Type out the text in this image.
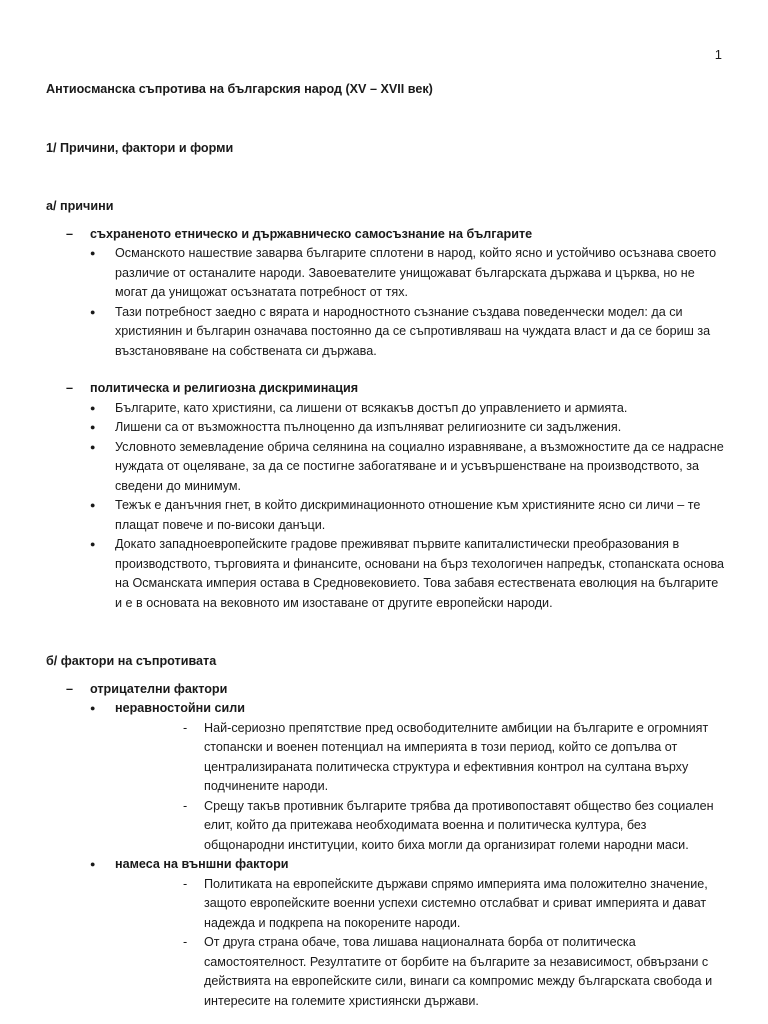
1

Антиосманска съпротива на българския народ (XV – XVII век)

1/ Причини, фактори и форми

а/ причини

– съхраненото етническо и държавническо самосъзнание на българите
● Османското нашествие заварва българите сплотени в народ, който ясно и устойчиво осъзнава своето различие от останалите народи. Завоевателите унищожават българската държава и църква, но не могат да унищожат осъзнатата потребност от тях.
● Тази потребност заедно с вярата и народностното съзнание създава поведенчески модел: да си християнин и българин означава постоянно да се съпротивляваш на чуждата власт и да се бориш за възстановяване на собствената си държава.
– политическа и религиозна дискриминация
● Българите, като християни, са лишени от всякакъв достъп до управлението и армията.
● Лишени са от възможността пълноценно да изпълняват религиозните си задължения.
● Условното земевладение обрича селянина на социално изравняване, а възможностите да се надрасне нуждата от оцеляване, за да се постигне забогатяване и и усъвършенстване на производството, за сведени до минимум.
● Тежък е данъчния гнет, в който дискриминационното отношение към християните ясно си личи – те плащат повече и по-високи данъци.
● Докато западноевропейските градове преживяват първите капиталистически преобразования в производството, търговията и финансите, основани на бърз техологичен напредък, стопанската основа на Османската империя остава в Средновековието. Това забавя естествената еволюция на българите и е в основата на вековното им изоставане от другите европейски народи.

б/ фактори на съпротивата

– отрицателни фактори
● неравностойни сили
- Най-сериозно препятствие пред освободителните амбиции на българите е огромният стопански и военен потенциал на империята в този период, който се допълва от централизираната политическа структура и ефективния контрол на султана върху подчинените народи.
- Срещу такъв противник българите трябва да противопоставят общество без социален елит, който да притежава необходимата военна и политическа култура, без общонародни институции, които биха могли да организират големи народни маси.
● намеса на външни фактори
- Политиката на европейските държави спрямо империята има положително значение, защото европейските военни успехи системно отслабват и сриват империята и дават надежда и подкрепа на покорените народи.
- От друга страна обаче, това лишава националната борба от политическа самостоятелност. Резултатите от борбите на българите за независимост, обвързани с действията на европейските сили, винаги са компромис между българската свобода и интересите на големите християнски държави.
